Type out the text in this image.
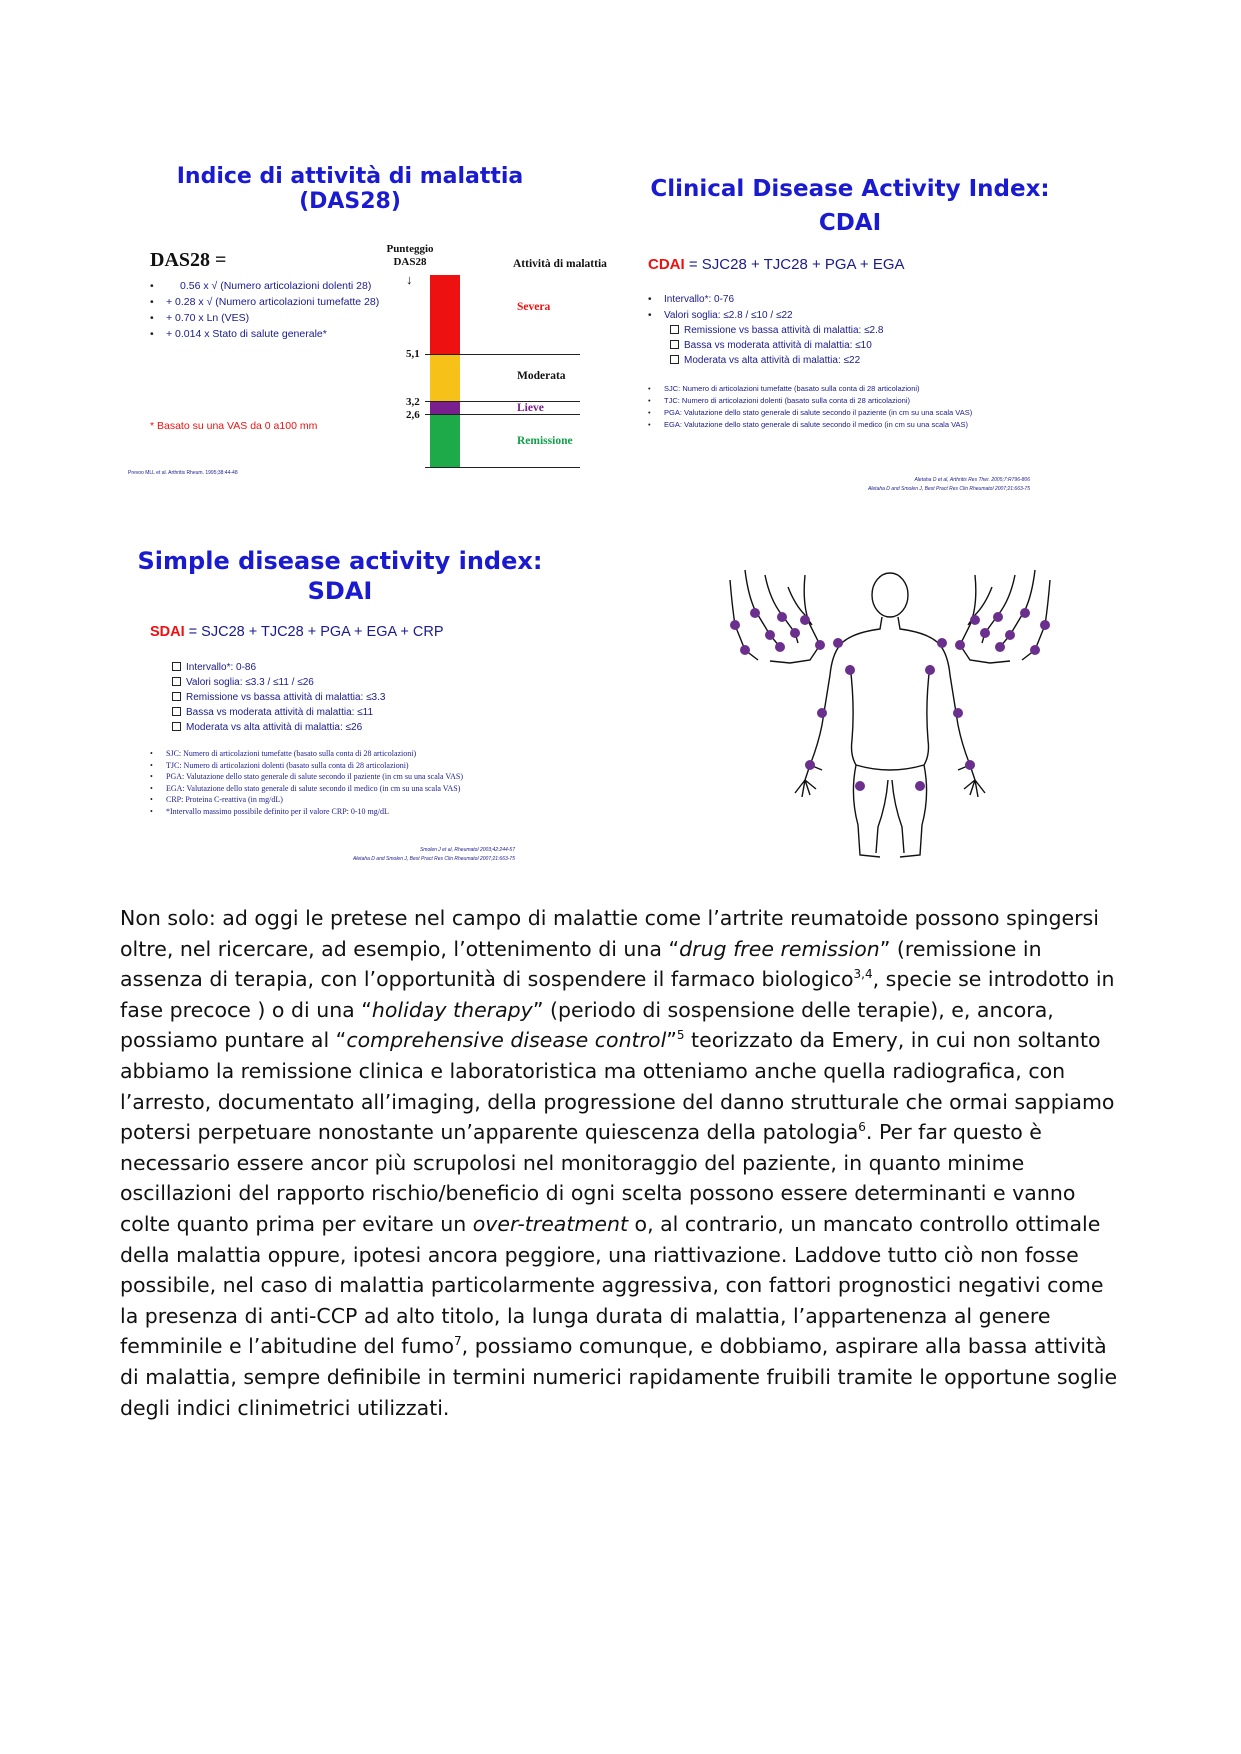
Indice di attività di malattia (DAS28)
DAS28 =
• 0.56 x √ (Numero articolazioni dolenti 28)
• + 0.28 x √ (Numero articolazioni tumefatte 28)
• + 0.70 x Ln (VES)
• + 0.014 x Stato di salute generale*
* Basato su una VAS da 0 a100 mm
Prevoo MLL et al. Arthritis Rheum. 1995;38:44-48
Punteggio
DAS28
↓
Attività di malattia
5,1
3,2
2,6
Severa
Moderata
Lieve
Remissione
Clinical Disease Activity Index:
CDAI
CDAI = SJC28 + TJC28 + PGA + EGA
• Intervallo*: 0-76
• Valori soglia: ≤2.8 / ≤10 / ≤22
Remissione vs bassa attività di malattia: ≤2.8
Bassa vs moderata attività di malattia: ≤10
Moderata vs alta attività di malattia: ≤22
• SJC: Numero di articolazioni tumefatte (basato sulla conta di 28 articolazioni)
• TJC: Numero di articolazioni dolenti (basato sulla conta di 28 articolazioni)
• PGA: Valutazione dello stato generale di salute secondo il paziente (in cm su una scala VAS)
• EGA: Valutazione dello stato generale di salute secondo il medico (in cm su una scala VAS)
Aletaha D et al, Arthritis Res Ther. 2005;7:R796-806
Aletaha D and Smolen J, Best Pract Res Clin Rheumatol 2007;21:663-75
Simple disease activity index:
SDAI
SDAI = SJC28 + TJC28 + PGA + EGA + CRP
Intervallo*: 0-86
Valori soglia: ≤3.3 / ≤11 / ≤26
Remissione vs bassa attività di malattia: ≤3.3
Bassa vs moderata attività di malattia: ≤11
Moderata vs alta attività di malattia: ≤26
• SJC: Numero di articolazioni tumefatte (basato sulla conta di 28 articolazioni)
• TJC: Numero di articolazioni dolenti (basato sulla conta di 28 articolazioni)
• PGA: Valutazione dello stato generale di salute secondo il paziente (in cm su una scala VAS)
• EGA: Valutazione dello stato generale di salute secondo il medico (in cm su una scala VAS)
• CRP: Proteina C-reattiva (in mg/dL)
• *Intervallo massimo possibile definito per il valore CRP: 0-10 mg/dL
Smolen J et al, Rheumatol 2003;42:244-57
Aletaha D and Smolen J, Best Pract Res Clin Rheumatol 2007;21:663-75

Non solo: ad oggi le pretese nel campo di malattie come l’artrite reumatoide possono spingersi oltre, nel ricercare, ad esempio, l’ottenimento di una “drug free remission” (remissione in assenza di terapia, con l’opportunità di sospendere il farmaco biologico$^{3,4}$, specie se introdotto in fase precoce ) o di una “holiday therapy” (periodo di sospensione delle terapie), e, ancora, possiamo puntare al “comprehensive disease control”$^5$ teorizzato da Emery, in cui non soltanto abbiamo la remissione clinica e laboratoristica ma otteniamo anche quella radiografica, con l’arresto, documentato all’imaging, della progressione del danno strutturale che ormai sappiamo potersi perpetuare nonostante un’apparente quiescenza della patologia$^6$. Per far questo è necessario essere ancor più scrupolosi nel monitoraggio del paziente, in quanto minime oscillazioni del rapporto rischio/beneficio di ogni scelta possono essere determinanti e vanno colte quanto prima per evitare un over-treatment o, al contrario, un mancato controllo ottimale della malattia oppure, ipotesi ancora peggiore, una riattivazione. Laddove tutto ciò non fosse possibile, nel caso di malattia particolarmente aggressiva, con fattori prognostici negativi come la presenza di anti-CCP ad alto titolo, la lunga durata di malattia, l’appartenenza al genere femminile e l’abitudine del fumo$^7$, possiamo comunque, e dobbiamo, aspirare alla bassa attività di malattia, sempre definibile in termini numerici rapidamente fruibili tramite le opportune soglie degli indici clinimetrici utilizzati.
